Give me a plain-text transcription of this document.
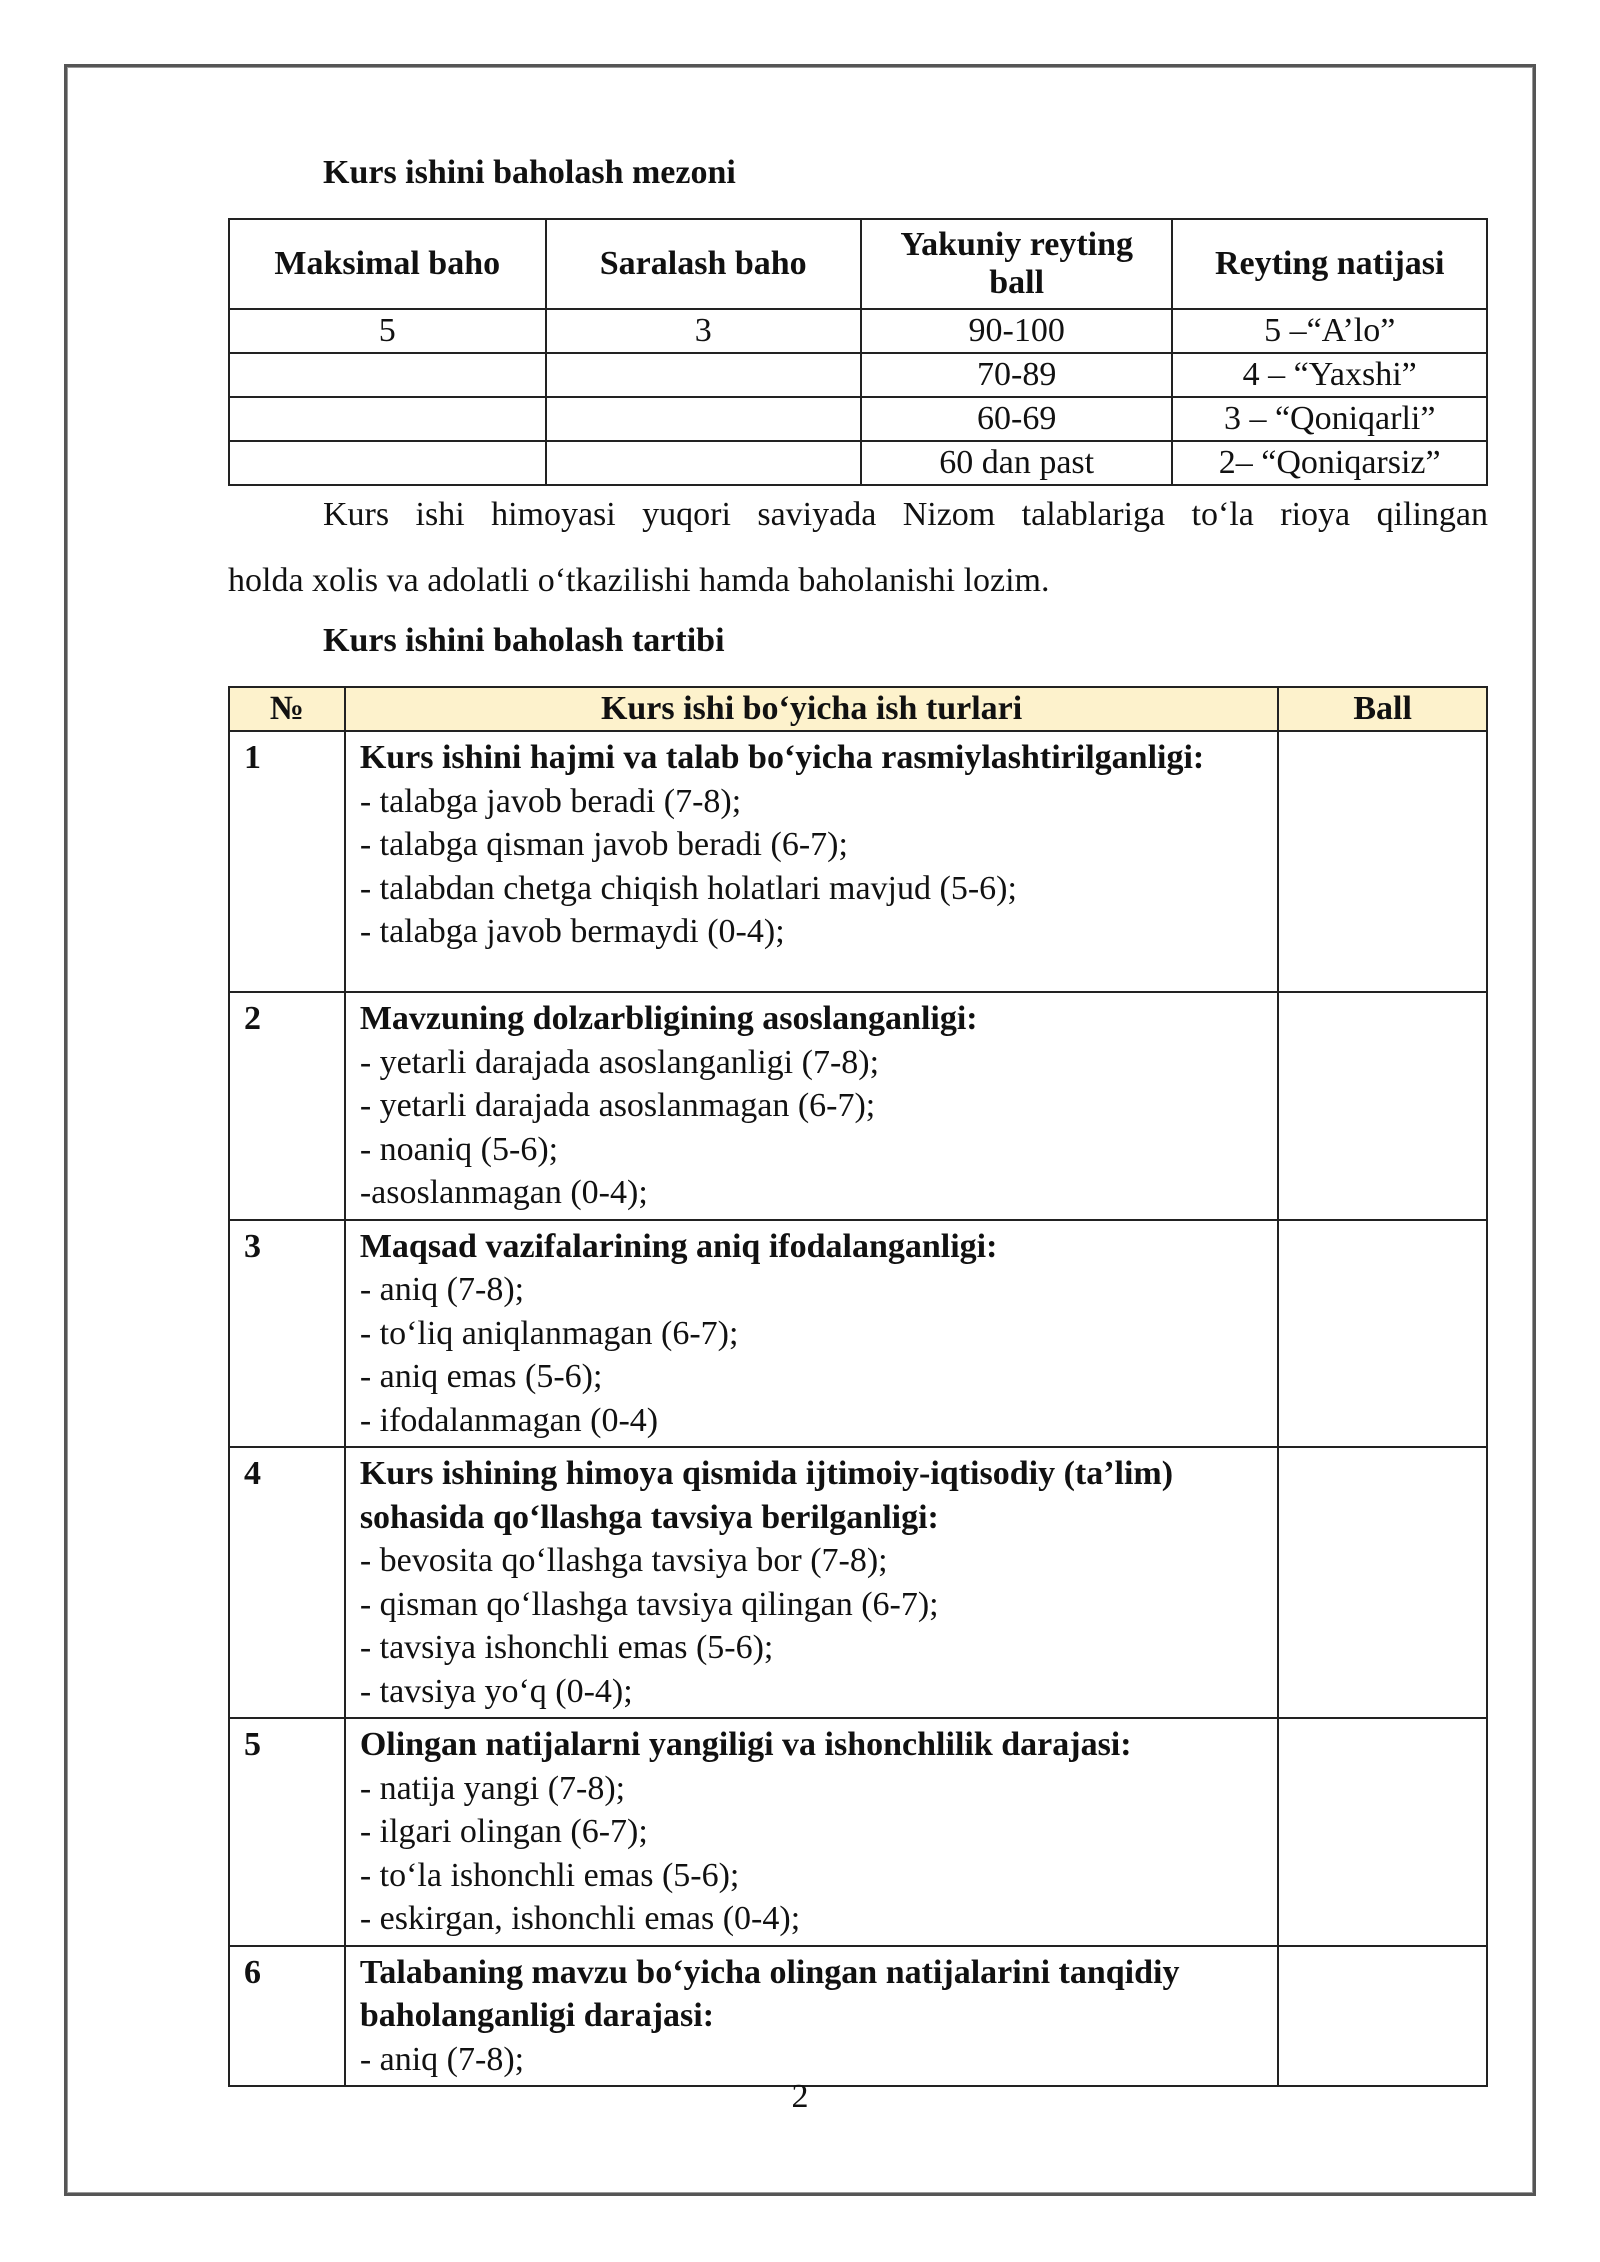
Kurs ishini baholash mezoni

Maksimal baho	Saralash baho	Yakuniy reyting ball	Reyting natijasi
5	3	90-100	5 –“A’lo”
		70-89	4 – “Yaxshi”
		60-69	3 – “Qoniqarli”
		60 dan past	2– “Qoniqarsiz”

Kurs ishi himoyasi yuqori saviyada Nizom talablariga to‘la rioya qilingan

holda xolis va adolatli o‘tkazilishi hamda baholanishi lozim.

Kurs ishini baholash tartibi

№	Kurs ishi bo‘yicha ish turlari	Ball
1	Kurs ishini hajmi va talab bo‘yicha rasmiylashtirilganligi:
- talabga javob beradi (7-8);
- talabga qisman javob beradi (6-7);
- talabdan chetga chiqish holatlari mavjud (5-6);
- talabga javob bermaydi (0-4);	

2	Mavzuning dolzarbligining asoslanganligi:
- yetarli darajada asoslanganligi (7-8);
- yetarli darajada asoslanmagan (6-7);
- noaniq (5-6);
-asoslanmagan (0-4);	

3	Maqsad vazifalarining aniq ifodalanganligi:
- aniq (7-8);
- to‘liq aniqlanmagan (6-7);
- aniq emas (5-6);
- ifodalanmagan (0-4)	

4	Kurs ishining himoya qismida ijtimoiy-iqtisodiy (ta’lim) sohasida qo‘llashga tavsiya berilganligi:
- bevosita qo‘llashga tavsiya bor (7-8);
- qisman qo‘llashga tavsiya qilingan (6-7);
- tavsiya ishonchli emas (5-6);
- tavsiya yo‘q (0-4);	

5	Olingan natijalarni yangiligi va ishonchlilik darajasi:
- natija yangi (7-8);
- ilgari olingan (6-7);
- to‘la ishonchli emas (5-6);
- eskirgan, ishonchli emas (0-4);	

6	Talabaning mavzu bo‘yicha olingan natijalarini tanqidiy baholanganligi darajasi:
- aniq (7-8);	

2
